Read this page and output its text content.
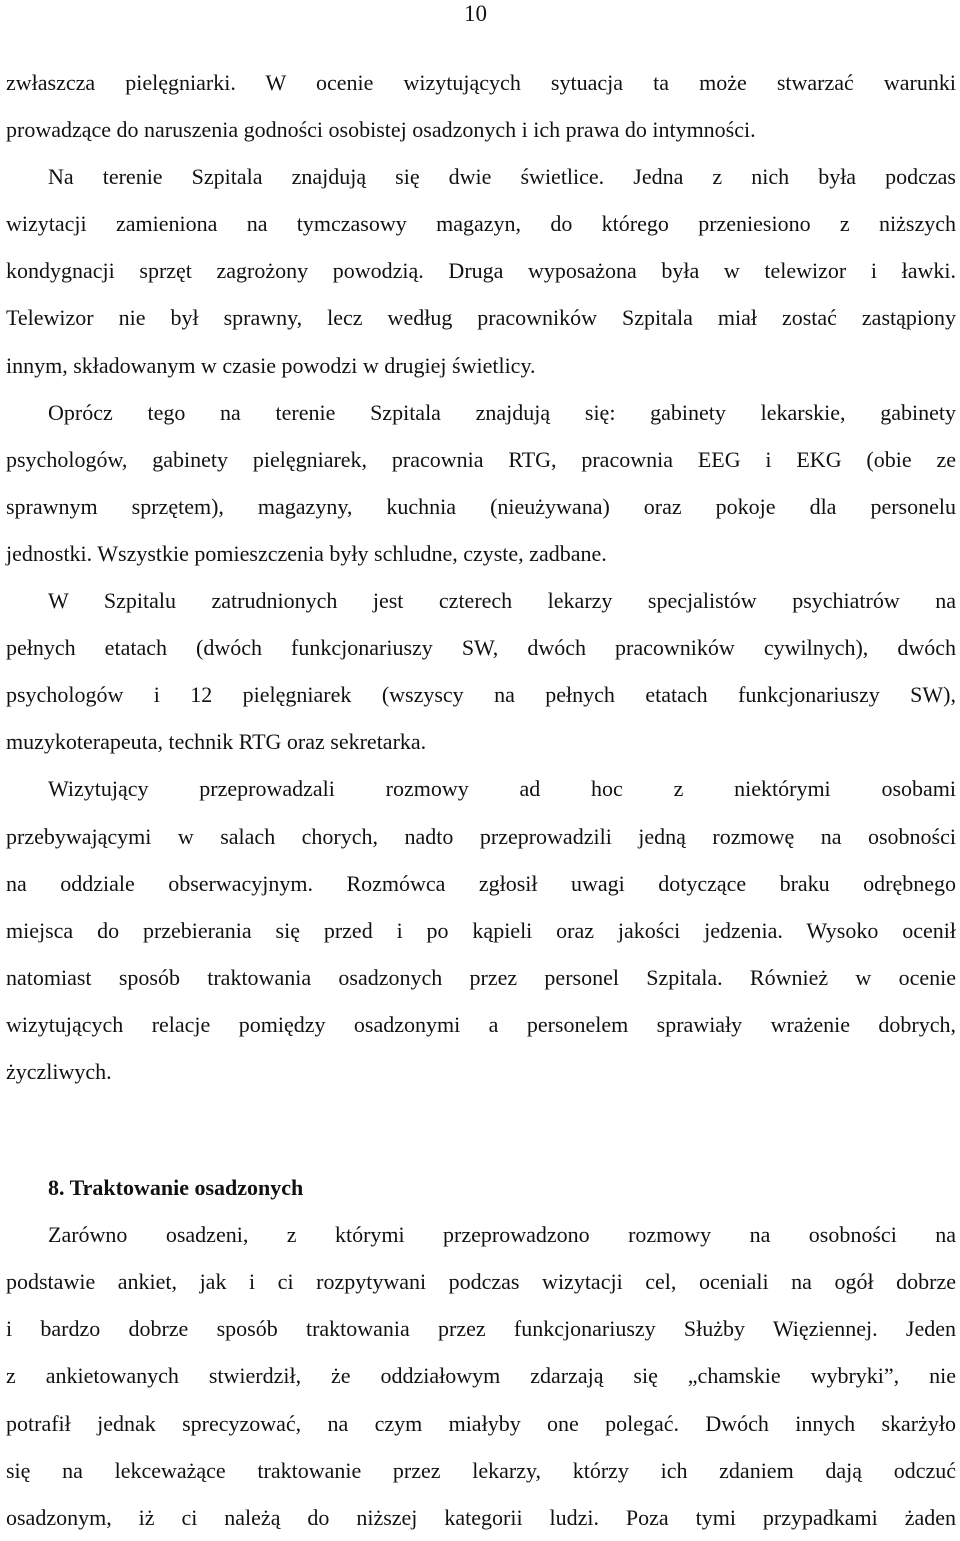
10
zwłaszcza pielęgniarki. W ocenie wizytujących sytuacja ta może stwarzać warunki
prowadzące do naruszenia godności osobistej osadzonych i ich prawa do intymności.
Na terenie Szpitala znajdują się dwie świetlice. Jedna z nich była podczas
wizytacji zamieniona na tymczasowy magazyn, do którego przeniesiono z niższych
kondygnacji sprzęt zagrożony powodzią. Druga wyposażona była w telewizor i ławki.
Telewizor nie był sprawny, lecz według pracowników Szpitala miał zostać zastąpiony
innym, składowanym w czasie powodzi w drugiej świetlicy.
Oprócz tego na terenie Szpitala znajdują się: gabinety lekarskie, gabinety
psychologów, gabinety pielęgniarek, pracownia RTG, pracownia EEG i EKG (obie ze
sprawnym sprzętem), magazyny, kuchnia (nieużywana) oraz pokoje dla personelu
jednostki. Wszystkie pomieszczenia były schludne, czyste, zadbane.
W Szpitalu zatrudnionych jest czterech lekarzy specjalistów psychiatrów na
pełnych etatach (dwóch funkcjonariuszy SW, dwóch pracowników cywilnych), dwóch
psychologów i 12 pielęgniarek (wszyscy na pełnych etatach funkcjonariuszy SW),
muzykoterapeuta, technik RTG oraz sekretarka.
Wizytujący przeprowadzali rozmowy ad hoc z niektórymi osobami
przebywającymi w salach chorych, nadto przeprowadzili jedną rozmowę na osobności
na oddziale obserwacyjnym. Rozmówca zgłosił uwagi dotyczące braku odrębnego
miejsca do przebierania się przed i po kąpieli oraz jakości jedzenia. Wysoko ocenił
natomiast sposób traktowania osadzonych przez personel Szpitala. Również w ocenie
wizytujących relacje pomiędzy osadzonymi a personelem sprawiały wrażenie dobrych,
życzliwych.
8. Traktowanie osadzonych
Zarówno osadzeni, z którymi przeprowadzono rozmowy na osobności na
podstawie ankiet, jak i ci rozpytywani podczas wizytacji cel, oceniali na ogół dobrze
i bardzo dobrze sposób traktowania przez funkcjonariuszy Służby Więziennej. Jeden
z ankietowanych stwierdził, że oddziałowym zdarzają się „chamskie wybryki”, nie
potrafił jednak sprecyzować, na czym miałyby one polegać. Dwóch innych skarżyło
się na lekceważące traktowanie przez lekarzy, którzy ich zdaniem dają odczuć
osadzonym, iż ci należą do niższej kategorii ludzi. Poza tymi przypadkami żaden
